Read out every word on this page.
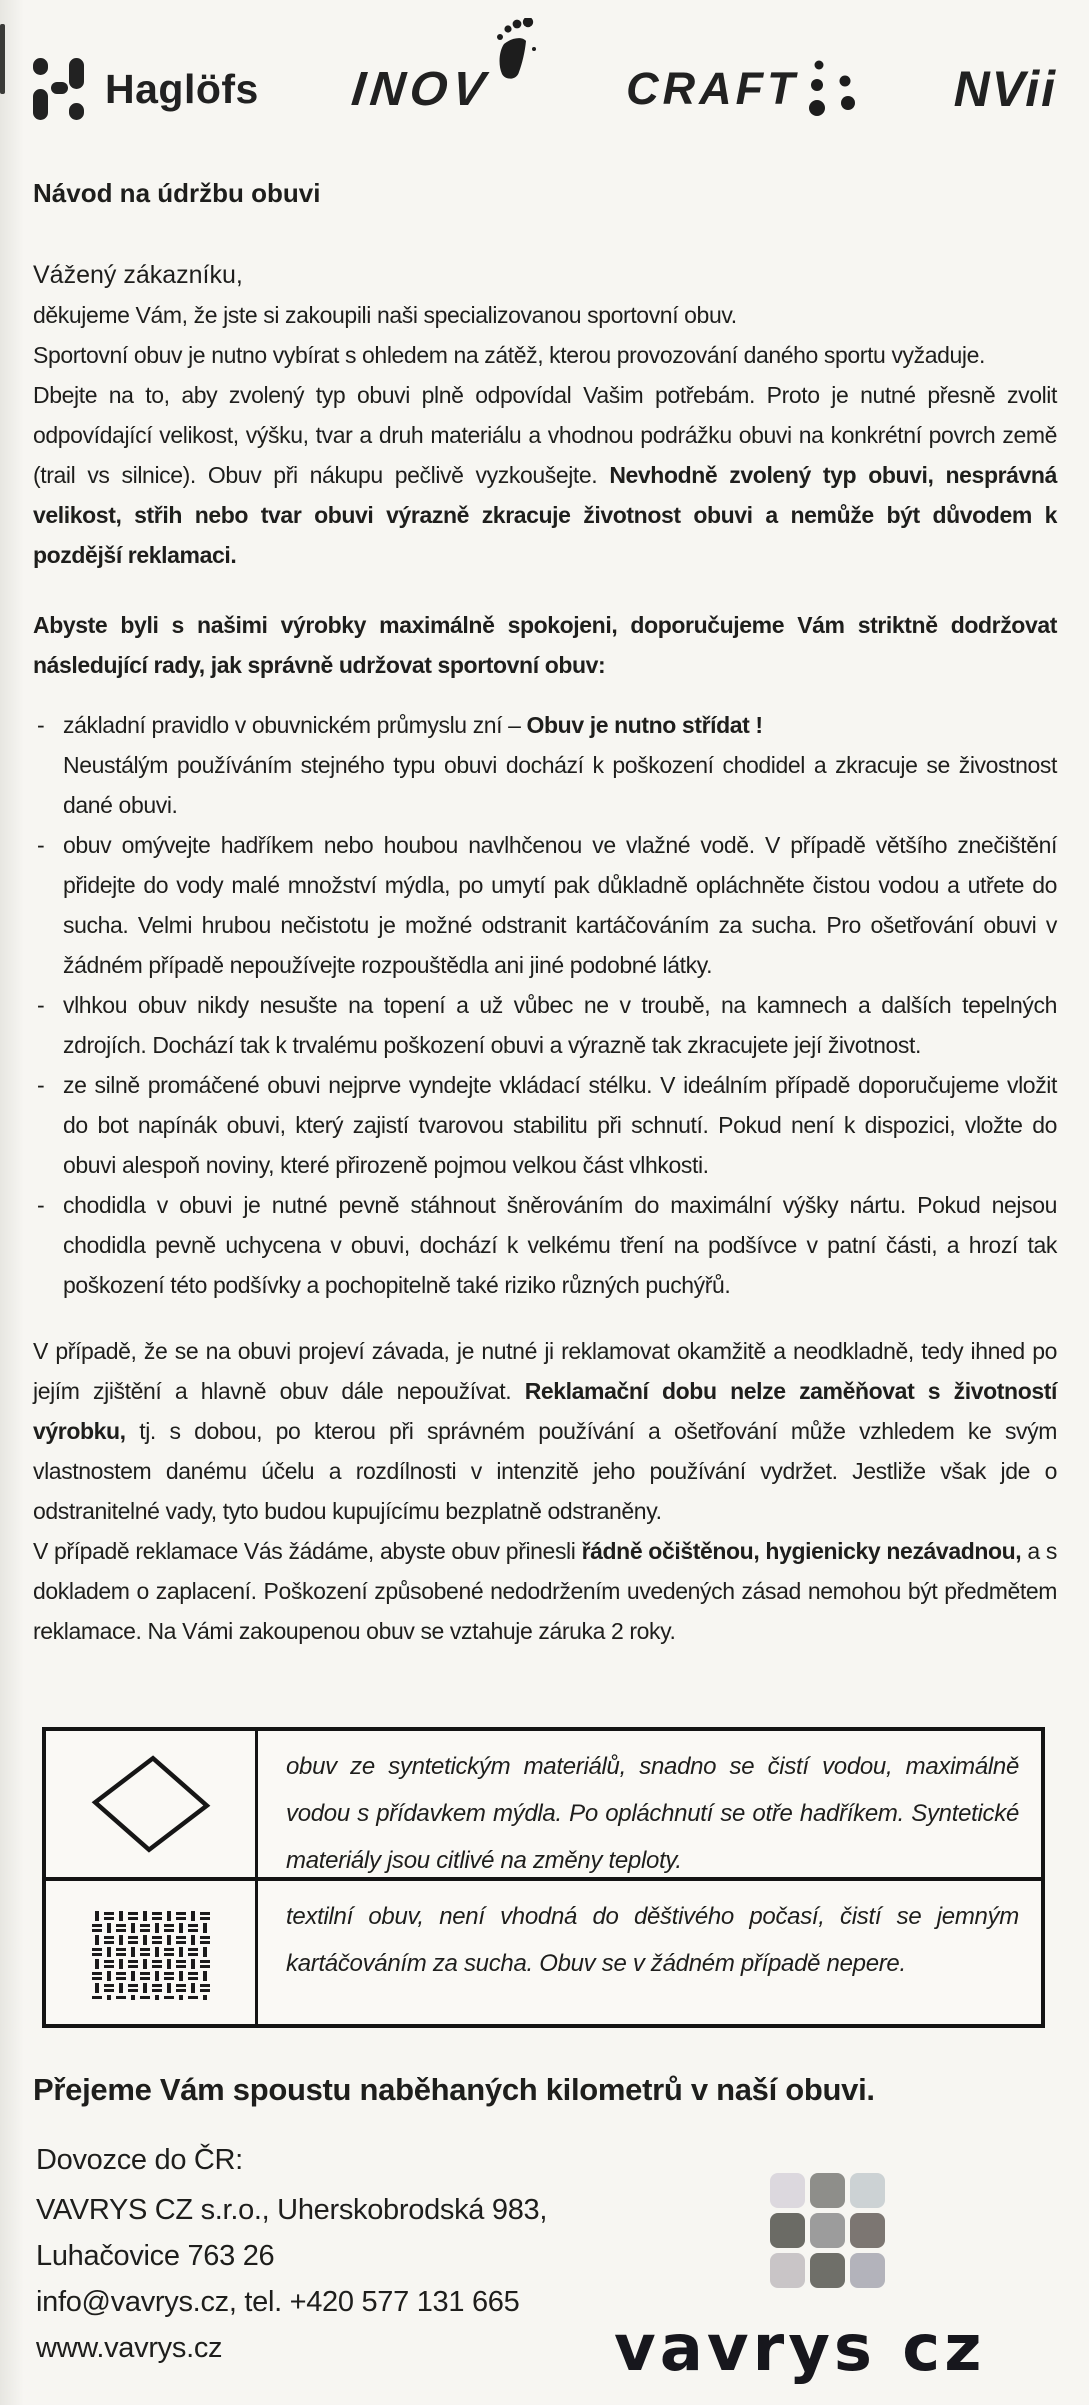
Haglöfs INOV	CRAFT	NVii
Návod na údržbu obuvi

Vážený zákazníku,

děkujeme Vám, že jste si zakoupili naši specializovanou sportovní obuv.

Sportovní obuv je nutno vybírat s ohledem na zátěž, kterou provozování daného sportu vyžaduje.

Dbejte na to, aby zvolený typ obuvi plně odpovídal Vašim potřebám. Proto je nutné přesně zvolit odpovídající velikost, výšku, tvar a druh materiálu a vhodnou podrážku obuvi na konkrétní povrch země (trail vs silnice). Obuv při nákupu pečlivě vyzkoušejte. Nevhodně zvolený typ obuvi, nesprávná velikost, střih nebo tvar obuvi výrazně zkracuje životnost obuvi a nemůže být důvodem k pozdější reklamaci.

Abyste byli s našimi výrobky maximálně spokojeni, doporučujeme Vám striktně dodržovat následující rady, jak správně udržovat sportovní obuv:

- základní pravidlo v obuvnickém průmyslu zní – Obuv je nutno střídat !
Neustálým používáním stejného typu obuvi dochází k poškození chodidel a zkracuje se živostnost dané obuvi.
- obuv omývejte hadříkem nebo houbou navlhčenou ve vlažné vodě. V případě většího znečištění přidejte do vody malé množství mýdla, po umytí pak důkladně opláchněte čistou vodou a utřete do sucha. Velmi hrubou nečistotu je možné odstranit kartáčováním za sucha. Pro ošetřování obuvi v žádném případě nepoužívejte rozpouštědla ani jiné podobné látky.
- vlhkou obuv nikdy nesušte na topení a už vůbec ne v troubě, na kamnech a dalších tepelných zdrojích. Dochází tak k trvalému poškození obuvi a výrazně tak zkracujete její životnost.
- ze silně promáčené obuvi nejprve vyndejte vkládací stélku. V ideálním případě doporučujeme vložit do bot napínák obuvi, který zajistí tvarovou stabilitu při schnutí. Pokud není k dispozici, vložte do obuvi alespoň noviny, které přirozeně pojmou velkou část vlhkosti.
- chodidla v obuvi je nutné pevně stáhnout šněrováním do maximální výšky nártu. Pokud nejsou chodidla pevně uchycena v obuvi, dochází k velkému tření na podšívce v patní části, a hrozí tak poškození této podšívky a pochopitelně také riziko různých puchýřů.

V případě, že se na obuvi projeví závada, je nutné ji reklamovat okamžitě a neodkladně, tedy ihned po jejím zjištění a hlavně obuv dále nepoužívat. Reklamační dobu nelze zaměňovat s životností výrobku, tj. s dobou, po kterou při správném používání a ošetřování může vzhledem ke svým vlastnostem danému účelu a rozdílnosti v intenzitě jeho používání vydržet. Jestliže však jde o odstranitelné vady, tyto budou kupujícímu bezplatně odstraněny.

V případě reklamace Vás žádáme, abyste obuv přinesli řádně očištěnou, hygienicky nezávadnou, a s dokladem o zaplacení. Poškození způsobené nedodržením uvedených zásad nemohou být předmětem reklamace. Na Vámi zakoupenou obuv se vztahuje záruka 2 roky.

obuv ze syntetickým materiálů, snadno se čistí vodou, maximálně vodou s přídavkem mýdla. Po opláchnutí se otře hadříkem. Syntetické materiály jsou citlivé na změny teploty.

textilní obuv, není vhodná do děštivého počasí, čistí se jemným kartáčováním za sucha. Obuv se v žádném případě nepere.

Přejeme Vám spoustu naběhaných kilometrů v naší obuvi.

Dovozce do ČR:

VAVRYS CZ s.r.o., Uherskobrodská 983,

Luhačovice 763 26

info@vavrys.cz, tel. +420 577 131 665

www.vavrys.cz	vavrys cz
